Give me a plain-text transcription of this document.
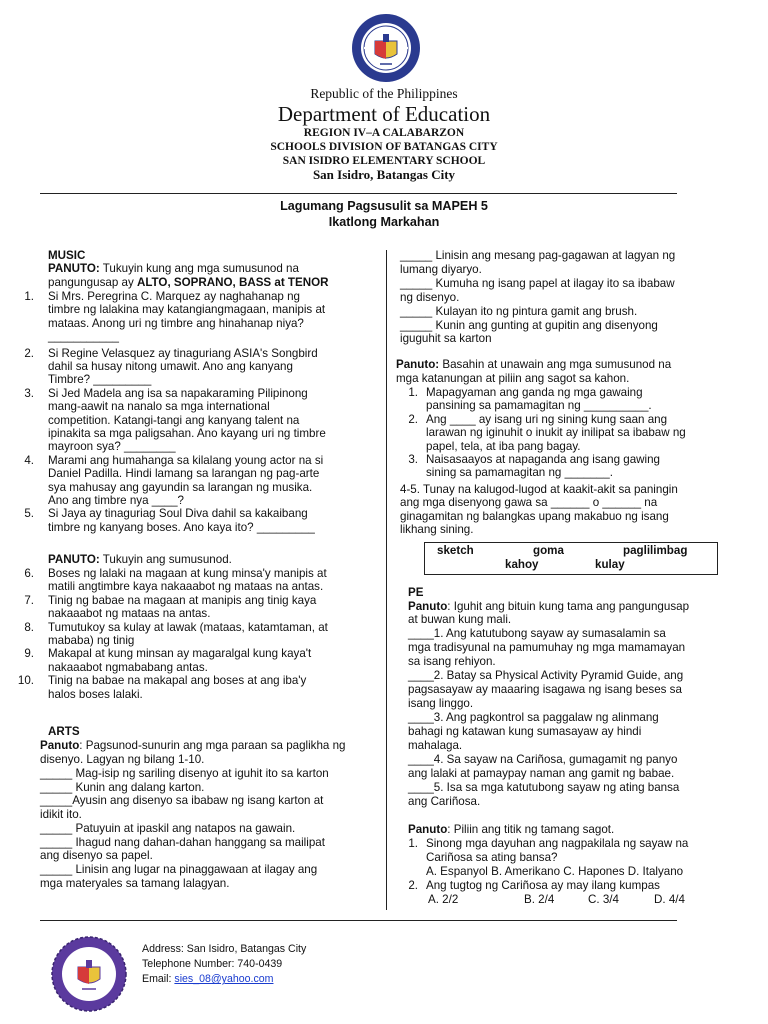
Republic of the Philippines
Department of Education
REGION IV–A CALABARZON
SCHOOLS DIVISION OF BATANGAS CITY
SAN ISIDRO ELEMENTARY SCHOOL
San Isidro, Batangas City
Lagumang Pagsusulit sa MAPEH 5
Ikatlong Markahan
MUSIC
PANUTO: Tukuyin kung ang mga sumusunod na
pangungusap ay ALTO, SOPRANO, BASS at TENOR
1. Si Mrs. Peregrina C. Marquez ay naghahanap ng
timbre ng lalakina may katangiangmagaan, manipis at
mataas. Anong uri ng timbre ang hinahanap niya?
___________
2. Si Regine Velasquez ay tinaguriang ASIA's Songbird
dahil sa husay nitong umawit. Ano ang kanyang
Timbre? _________
3. Si Jed Madela ang isa sa napakaraming Pilipinong
mang-aawit na nanalo sa mga international
competition. Katangi-tangi ang kanyang talent na
ipinakita sa mga paligsahan. Ano kayang uri ng timbre
mayroon sya? ________
4. Marami ang humahanga sa kilalang young actor na si
Daniel Padilla. Hindi lamang sa larangan ng pag-arte
sya mahusay ang gayundin sa larangan ng musika.
Ano ang timbre nya ____?
5. Si Jaya ay tinaguriag Soul Diva dahil sa kakaibang
timbre ng kanyang boses. Ano kaya ito? _________
PANUTO: Tukuyin ang sumusunod.
6. Boses ng lalaki na magaan at kung minsa'y manipis at
matili angtimbre kaya nakaaabot ng mataas na antas.
7. Tinig ng babae na magaan at manipis ang tinig kaya
nakaaabot ng mataas na antas.
8. Tumutukoy sa kulay at lawak (mataas, katamtaman, at
mababa) ng tinig
9. Makapal at kung minsan ay magaralgal kung kaya't
nakaaabot ngmababang antas.
10. Tinig na babae na makapal ang boses at ang iba'y
halos boses lalaki.
ARTS
Panuto: Pagsunod-sunurin ang mga paraan sa paglikha ng
disenyo. Lagyan ng bilang 1-10.
_____ Mag-isip ng sariling disenyo at iguhit ito sa karton
_____ Kunin ang dalang karton.
_____Ayusin ang disenyo sa ibabaw ng isang karton at
idikit ito.
_____ Patuyuin at ipaskil ang natapos na gawain.
_____ Ihagud nang dahan-dahan hanggang sa mailipat
ang disenyo sa papel.
_____ Linisin ang lugar na pinaggawaan at ilagay ang
mga materyales sa tamang lalagyan.
_____ Linisin ang mesang pag-gagawan at lagyan ng
lumang diyaryo.
_____ Kumuha ng isang papel at ilagay ito sa ibabaw
ng disenyo.
_____ Kulayan ito ng pintura gamit ang brush.
_____ Kunin ang gunting at gupitin ang disenyong
iguguhit sa karton
Panuto: Basahin at unawain ang mga sumusunod na
mga katanungan at piliin ang sagot sa kahon.
1. Mapagyaman ang ganda ng mga gawaing
pansining sa pamamagitan ng __________.
2. Ang ____ ay isang uri ng sining kung saan ang
larawan ng iginuhit o inukit ay inilipat sa ibabaw ng
papel, tela, at iba pang bagay.
3. Naisasaayos at napaganda ang isang gawing
sining sa pamamagitan ng _______.
4-5. Tunay na kalugod-lugod at kaakit-akit sa paningin
ang mga disenyong gawa sa ______ o ______ na
ginagamitan ng balangkas upang makabuo ng isang
likhang sining.
sketch	goma	paglilimbag
kahoy	kulay
PE
Panuto: Iguhit ang bituin kung tama ang pangungusap
at buwan kung mali.
____1. Ang katutubong sayaw ay sumasalamin sa
mga tradisyunal na pamumuhay ng mga mamamayan
sa isang rehiyon.
____2. Batay sa Physical Activity Pyramid Guide, ang
pagsasayaw ay maaaring isagawa ng isang beses sa
isang linggo.
____3. Ang pagkontrol sa paggalaw ng alinmang
bahagi ng katawan kung sumasayaw ay hindi
mahalaga.
____4. Sa sayaw na Cariñosa, gumagamit ng panyo
ang lalaki at pamaypay naman ang gamit ng babae.
____5. Isa sa mga katutubong sayaw ng ating bansa
ang Cariñosa.
Panuto: Piliin ang titik ng tamang sagot.
1. Sinong mga dayuhan ang nagpakilala ng sayaw na
Cariñosa sa ating bansa?
A. Espanyol B. Amerikano C. Hapones D. Italyano
2. Ang tugtog ng Cariñosa ay may ilang kumpas
A. 2/2	B. 2/4	C. 3/4	D. 4/4
Address: San Isidro, Batangas City
Telephone Number: 740-0439
Email: sies_08@yahoo.com
